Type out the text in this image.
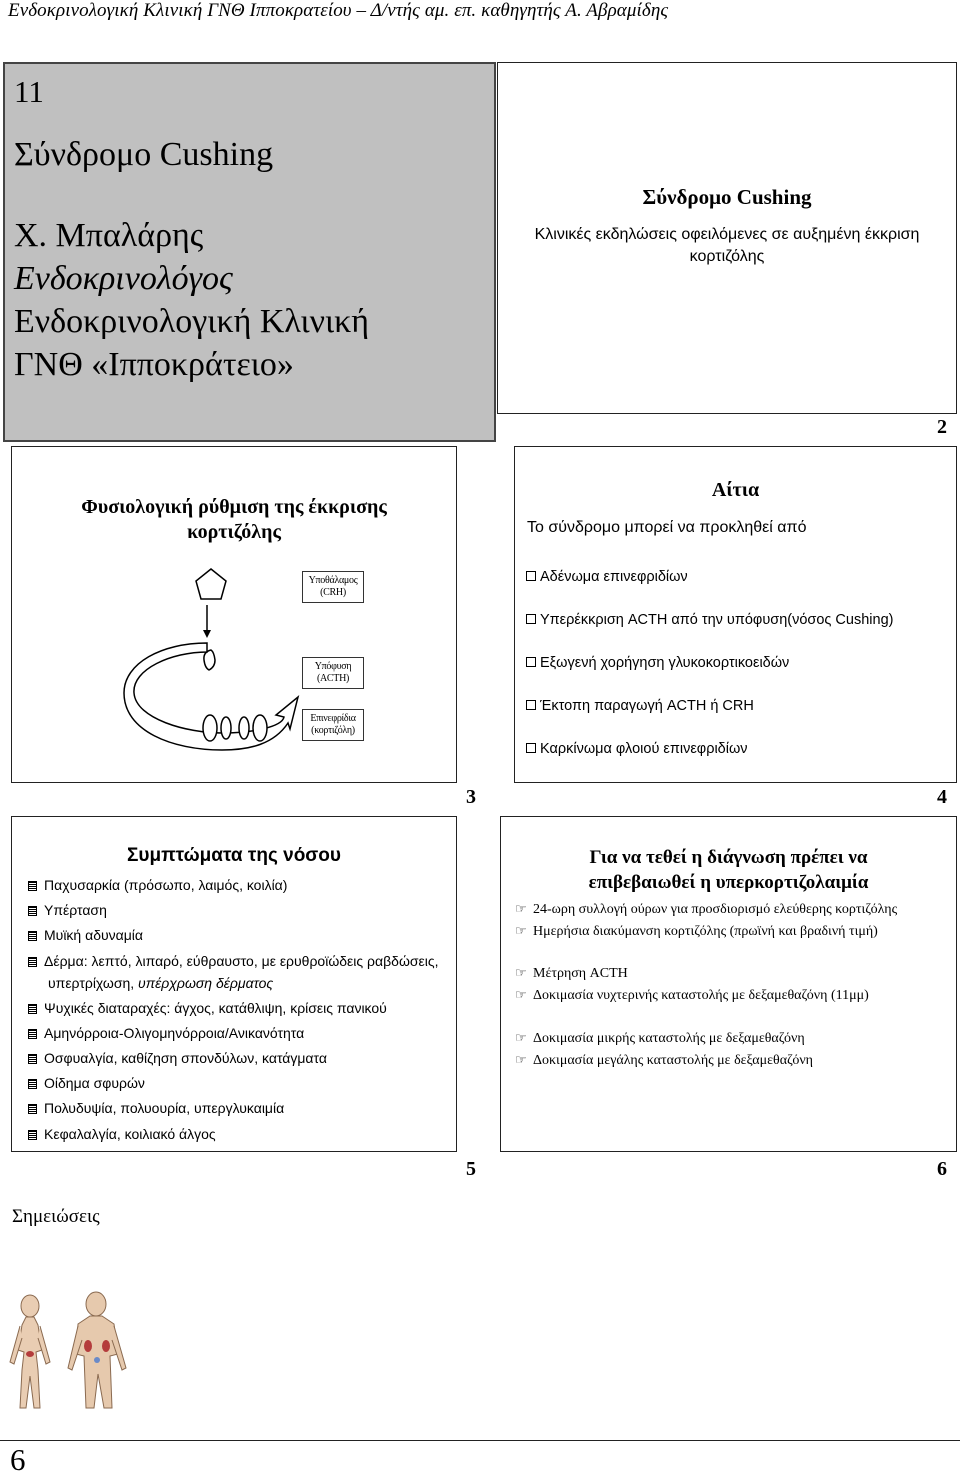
Ενδοκρινολογική Κλινική ΓΝΘ Ιπποκρατείου – Δ/ντής αμ. επ. καθηγητής Α. Αβραμίδης
11
Σύνδρομο Cushing
Χ. Μπαλάρης
Ενδοκρινολόγος
Ενδοκρινολογική Κλινική
ΓΝΘ «Ιπποκράτειο»
Σύνδρομο Cushing
Κλινικές εκδηλώσεις οφειλόμενες σε αυξημένη έκκριση κορτιζόλης
2
Φυσιολογική ρύθμιση της έκκρισης
κορτιζόλης
Υποθάλαμος
(CRH)
Υπόφυση
(ACTH)
Επινεφρίδια
(κορτιζόλη)
3
Αίτια
Το σύνδρομο μπορεί να προκληθεί από
Αδένωμα επινεφριδίων
Υπερέκκριση ACTH από την υπόφυση(νόσος Cushing)
Εξωγενή χορήγηση γλυκοκορτικοειδών
Έκτοπη παραγωγή ACTH ή CRH
Καρκίνωμα φλοιού επινεφριδίων
4
Συμπτώματα της νόσου
Παχυσαρκία (πρόσωπο, λαιμός, κοιλία)
Υπέρταση
Μυϊκή αδυναμία
Δέρμα: λεπτό, λιπαρό, εύθραυστο, με ερυθροϊώδεις ραβδώσεις,
υπερτρίχωση, υπέρχρωση δέρματος
Ψυχικές διαταραχές: άγχος, κατάθλιψη, κρίσεις πανικού
Αμηνόρροια-Ολιγομηνόρροια/Ανικανότητα
Οσφυαλγία, καθίζηση σπονδύλων, κατάγματα
Οίδημα σφυρών
Πολυδυψία, πολυουρία, υπεργλυκαιμία
Κεφαλαλγία, κοιλιακό άλγος
5
Για να τεθεί η διάγνωση πρέπει να
επιβεβαιωθεί η υπερκορτιζολαιμία
☞ 24-ωρη συλλογή ούρων για προσδιορισμό ελεύθερης κορτιζόλης
☞ Ημερήσια διακύμανση κορτιζόλης (πρωϊνή και βραδινή τιμή)
☞ Μέτρηση ACTH
☞ Δοκιμασία νυχτερινής καταστολής με δεξαμεθαζόνη (11μμ)
☞ Δοκιμασία μικρής καταστολής με δεξαμεθαζόνη
☞ Δοκιμασία μεγάλης καταστολής με δεξαμεθαζόνη
6
Σημειώσεις
6
